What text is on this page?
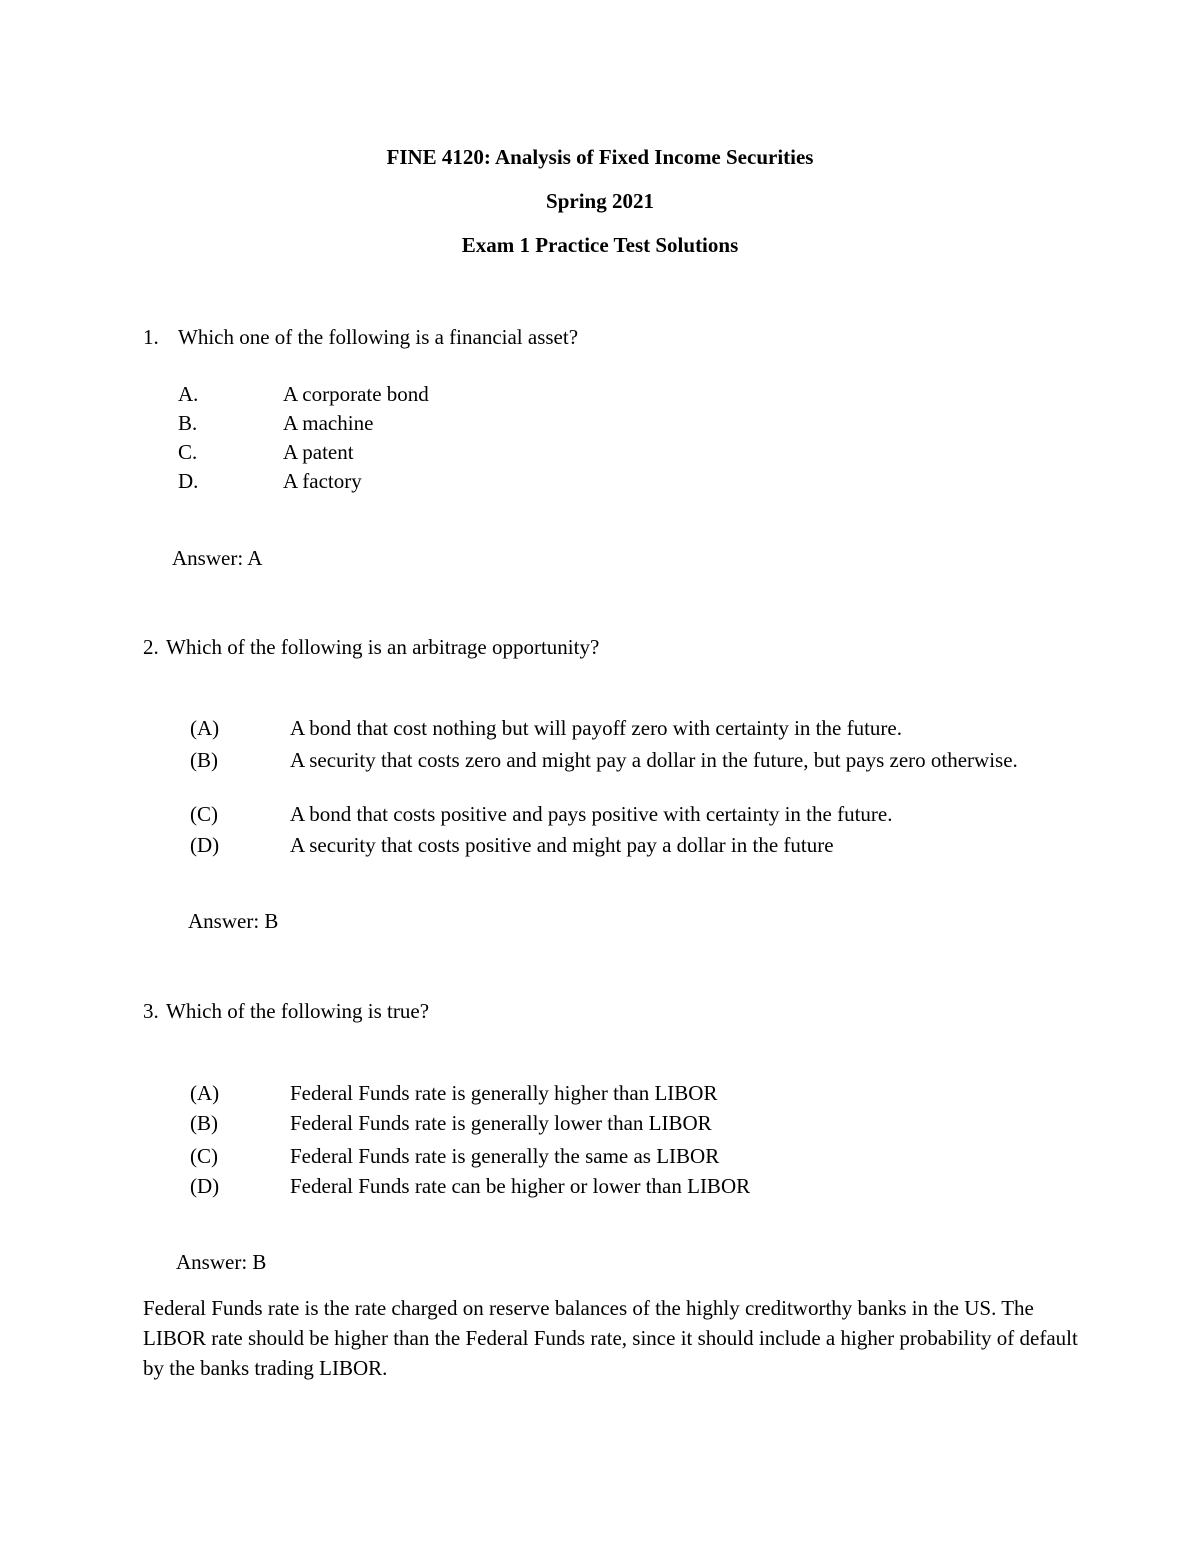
FINE 4120: Analysis of Fixed Income Securities
Spring 2021
Exam 1 Practice Test Solutions
1. Which one of the following is a financial asset?
A.	A corporate bond
B.	A machine
C.	A patent
D.	A factory
Answer: A
2. Which of the following is an arbitrage opportunity?
(A)	A bond that cost nothing but will payoff zero with certainty in the future.
(B)	A security that costs zero and might pay a dollar in the future, but pays zero otherwise.
(C)	A bond that costs positive and pays positive with certainty in the future.
(D)	A security that costs positive and might pay a dollar in the future
Answer: B
3. Which of the following is true?
(A)	Federal Funds rate is generally higher than LIBOR
(B)	Federal Funds rate is generally lower than LIBOR
(C)	Federal Funds rate is generally the same as LIBOR
(D)	Federal Funds rate can be higher or lower than LIBOR
Answer: B
Federal Funds rate is the rate charged on reserve balances of the highly creditworthy banks in the US. The LIBOR rate should be higher than the Federal Funds rate, since it should include a higher probability of default by the banks trading LIBOR.
